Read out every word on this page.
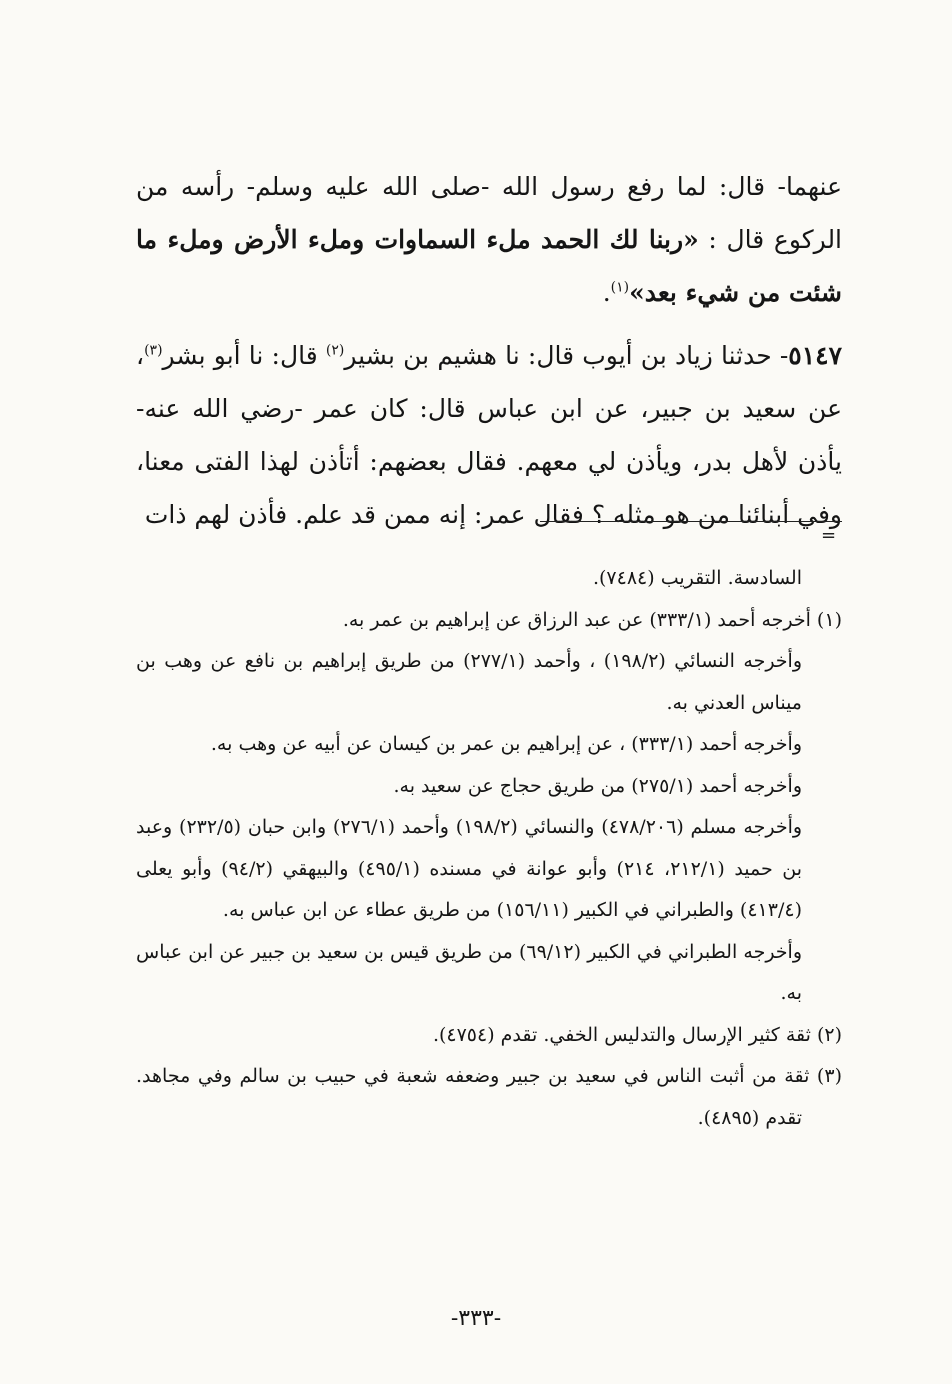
عنهما- قال: لما رفع رسول الله -صلى الله عليه وسلم- رأسه من الركوع قال : «ربنا لك الحمد ملء السماوات وملء الأرض وملء ما شئت من شيء بعد»$^{(١)}$.

٥١٤٧- حدثنا زياد بن أيوب قال: نا هشيم بن بشير$^{(٢)}$ قال: نا أبو بشر$^{(٣)}$، عن سعيد بن جبير، عن ابن عباس قال: كان عمر -رضي الله عنه- يأذن لأهل بدر، ويأذن لي معهم. فقال بعضهم: أتأذن لهذا الفتى معنا، وفي أبنائنا من هو مثله ؟ فقال عمر: إنه ممن قد علم. فأذن لهم ذات

=

السادسة. التقريب (٧٤٨٤).

(١) أخرجه أحمد (٣٣٣/١) عن عبد الرزاق عن إبراهيم بن عمر به.

وأخرجه النسائي (١٩٨/٢) ، وأحمد (٢٧٧/١) من طريق إبراهيم بن نافع عن وهب بن ميناس العدني به.

وأخرجه أحمد (٣٣٣/١) ، عن إبراهيم بن عمر بن كيسان عن أبيه عن وهب به.

وأخرجه أحمد (٢٧٥/١) من طريق حجاج عن سعيد به.

وأخرجه مسلم (٤٧٨/٢٠٦) والنسائي (١٩٨/٢) وأحمد (٢٧٦/١) وابن حبان (٢٣٢/٥) وعبد بن حميد (٢١٢/١، ٢١٤) وأبو عوانة في مسنده (٤٩٥/١) والبيهقي (٩٤/٢) وأبو يعلى (٤١٣/٤) والطبراني في الكبير (١٥٦/١١) من طريق عطاء عن ابن عباس به.

وأخرجه الطبراني في الكبير (٦٩/١٢) من طريق قيس بن سعيد بن جبير عن ابن عباس به.

(٢) ثقة كثير الإرسال والتدليس الخفي. تقدم (٤٧٥٤).

(٣) ثقة من أثبت الناس في سعيد بن جبير وضعفه شعبة في حبيب بن سالم وفي مجاهد. تقدم (٤٨٩٥).

-٣٣٣-
